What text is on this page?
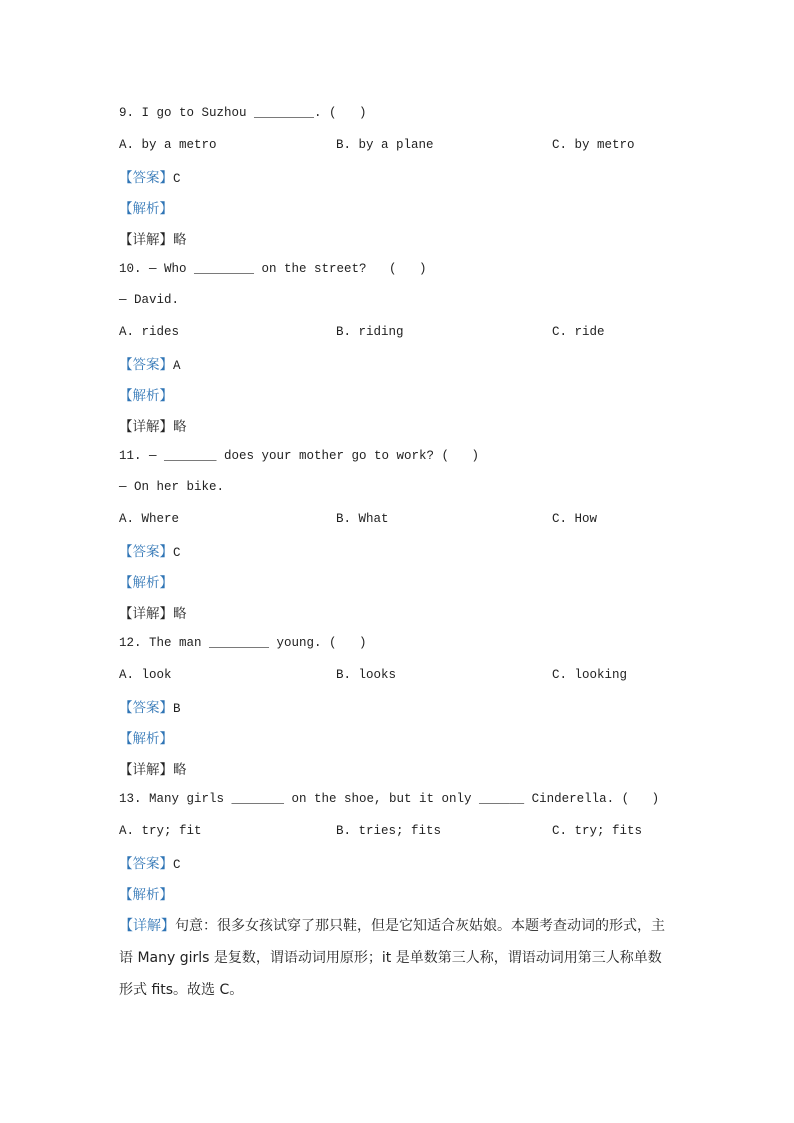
9. I go to Suzhou ________. (   )
A. by a metro	B. by a plane	C. by metro
【答案】C
【解析】
【详解】略
10. — Who ________ on the street?   (   )
— David.
A. rides	B. riding	C. ride
【答案】A
【解析】
【详解】略
11. — _______ does your mother go to work? (   )
— On her bike.
A. Where	B. What	C. How
【答案】C
【解析】
【详解】略
12. The man ________ young. (   )
A. look	B. looks	C. looking
【答案】B
【解析】
【详解】略
13. Many girls _______ on the shoe, but it only ______ Cinderella. (   )
A. try; fit	B. tries; fits	C. try; fits
【答案】C
【解析】
【详解】句意：很多女孩试穿了那只鞋，但是它知适合灰姑娘。本题考查动词的形式，主语 Many girls 是复数，谓语动词用原形；it 是单数第三人称，谓语动词用第三人称单数形式 fits。故选 C。
